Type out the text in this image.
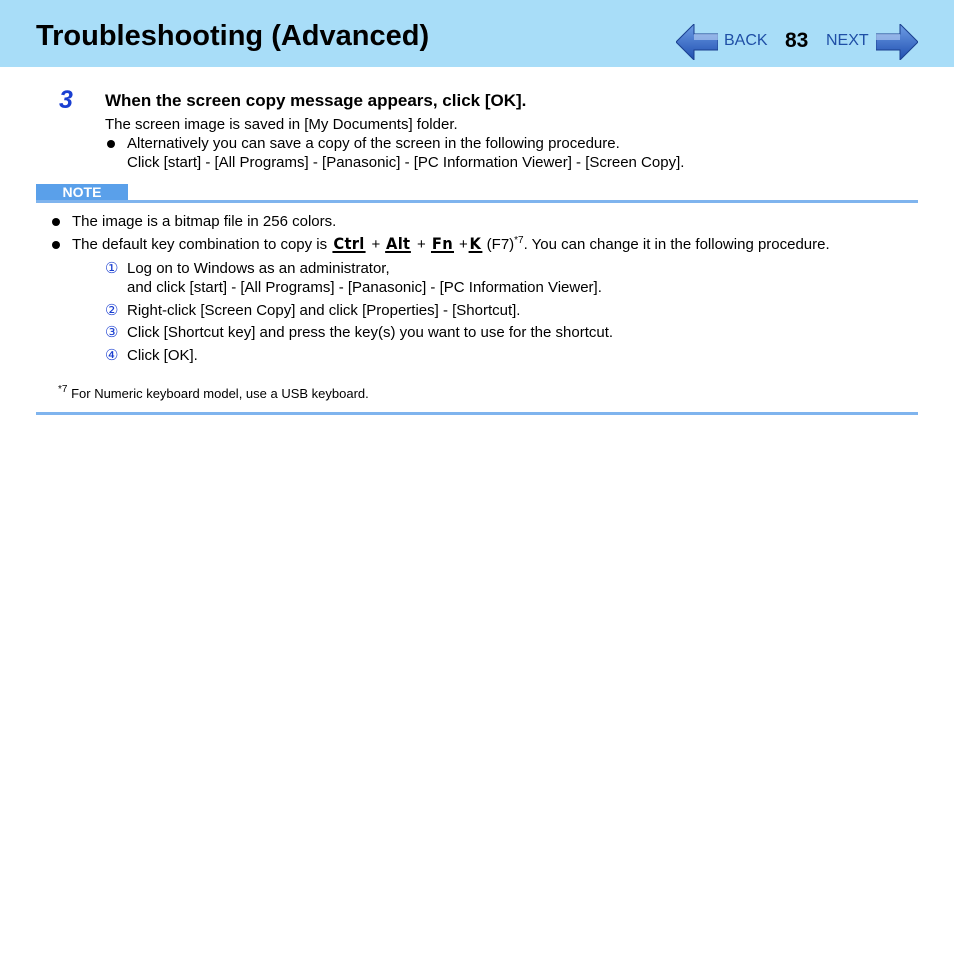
Troubleshooting (Advanced)	BACK 83 NEXT
3 When the screen copy message appears, click [OK].
The screen image is saved in [My Documents] folder.
Alternatively you can save a copy of the screen in the following procedure.
Click [start] - [All Programs] - [Panasonic] - [PC Information Viewer] - [Screen Copy].
NOTE
The image is a bitmap file in 256 colors.
The default key combination to copy is Ctrl + Alt + Fn +K $(F7)^{*7}$. You can change it in the following procedure.
① Log on to Windows as an administrator,
and click [start] - [All Programs] - [Panasonic] - [PC Information Viewer].
② Right-click [Screen Copy] and click [Properties] - [Shortcut].
③ Click [Shortcut key] and press the key(s) you want to use for the shortcut.
④ Click [OK].
$^{*7}$ For Numeric keyboard model, use a USB keyboard.
